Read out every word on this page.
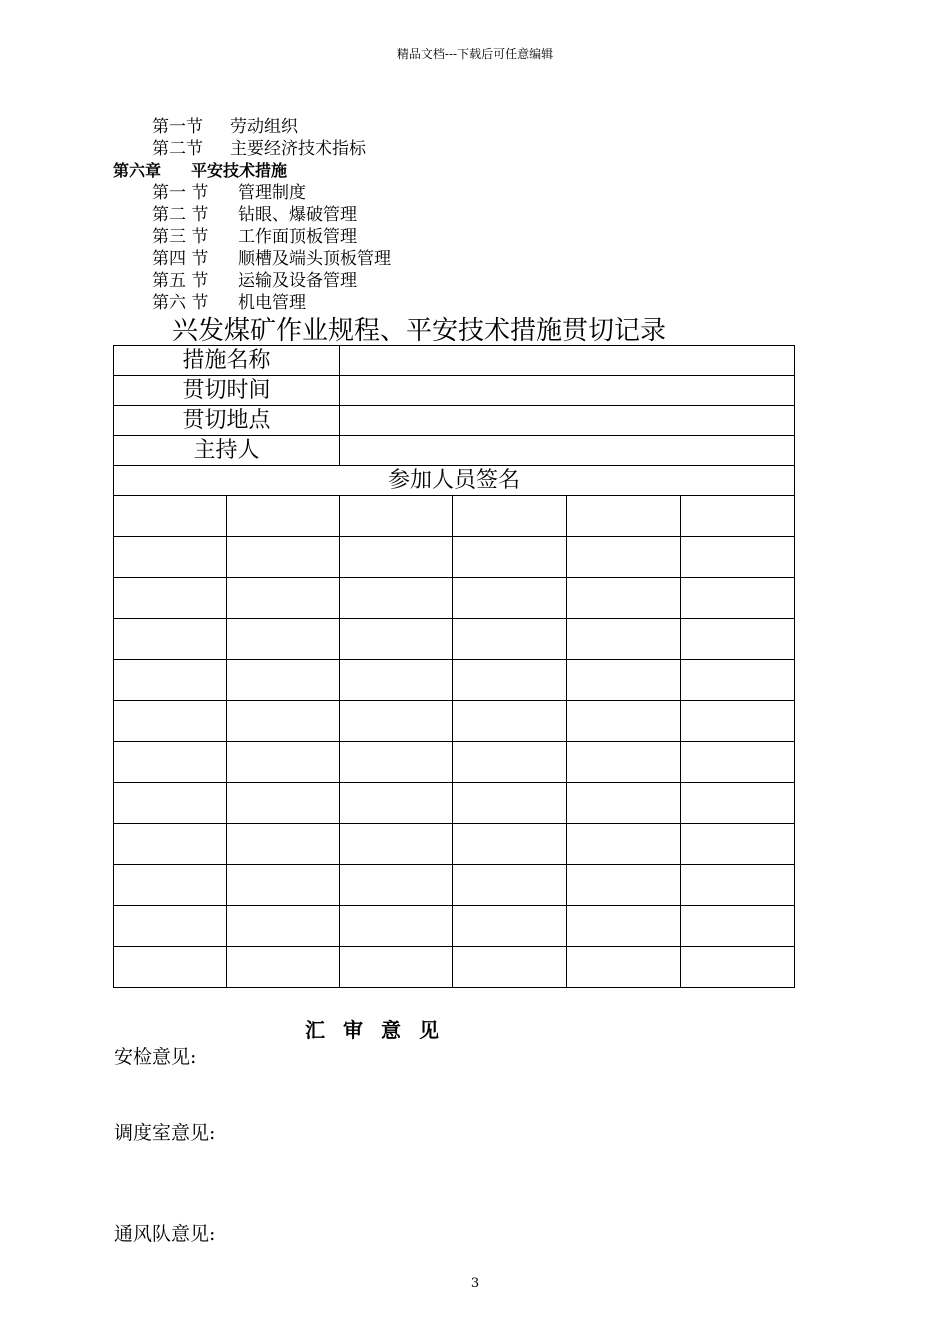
精品文档---下载后可任意编辑
第一节 劳动组织
第二节 主要经济技术指标
第六章 平安技术措施
第一 节 管理制度
第二 节 钻眼、爆破管理
第三 节 工作面顶板管理
第四 节 顺槽及端头顶板管理
第五 节 运输及设备管理
第六 节 机电管理
兴发煤矿作业规程、平安技术措施贯切记录
措施名称					
贯切时间					
贯切地点					
主持人					
参加人员签名					

汇审意见
安检意见:
调度室意见:
通风队意见:
3
